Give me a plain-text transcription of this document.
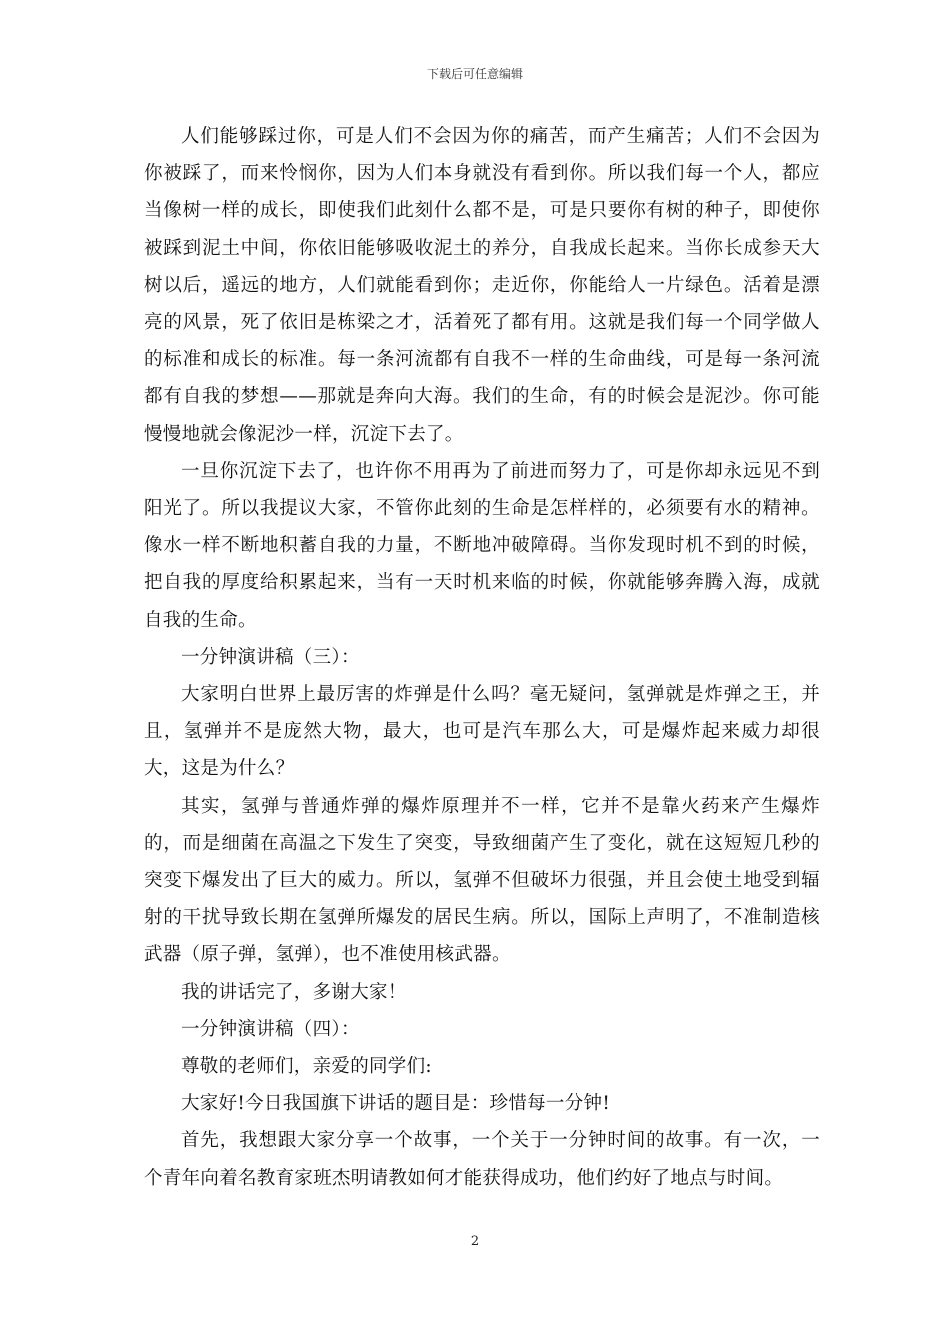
下载后可任意编辑

人们能够踩过你，可是人们不会因为你的痛苦，而产生痛苦；人们不会因为你被踩了，而来怜悯你，因为人们本身就没有看到你。所以我们每一个人，都应当像树一样的成长，即使我们此刻什么都不是，可是只要你有树的种子，即使你被踩到泥土中间，你依旧能够吸收泥土的养分，自我成长起来。当你长成参天大树以后，遥远的地方，人们就能看到你；走近你，你能给人一片绿色。活着是漂亮的风景，死了依旧是栋梁之才，活着死了都有用。这就是我们每一个同学做人的标准和成长的标准。每一条河流都有自我不一样的生命曲线，可是每一条河流都有自我的梦想——那就是奔向大海。我们的生命，有的时候会是泥沙。你可能慢慢地就会像泥沙一样，沉淀下去了。

一旦你沉淀下去了，也许你不用再为了前进而努力了，可是你却永远见不到阳光了。所以我提议大家，不管你此刻的生命是怎样样的，必须要有水的精神。像水一样不断地积蓄自我的力量，不断地冲破障碍。当你发现时机不到的时候，把自我的厚度给积累起来，当有一天时机来临的时候，你就能够奔腾入海，成就自我的生命。

一分钟演讲稿（三）：

大家明白世界上最厉害的炸弹是什么吗？毫无疑问，氢弹就是炸弹之王，并且，氢弹并不是庞然大物，最大，也可是汽车那么大，可是爆炸起来威力却很大，这是为什么？

其实，氢弹与普通炸弹的爆炸原理并不一样，它并不是靠火药来产生爆炸的，而是细菌在高温之下发生了突变，导致细菌产生了变化，就在这短短几秒的突变下爆发出了巨大的威力。所以，氢弹不但破坏力很强，并且会使土地受到辐射的干扰导致长期在氢弹所爆发的居民生病。所以，国际上声明了，不准制造核武器（原子弹，氢弹），也不准使用核武器。

我的讲话完了，多谢大家！

一分钟演讲稿（四）：

尊敬的老师们，亲爱的同学们:

大家好!今日我国旗下讲话的题目是：珍惜每一分钟!

首先，我想跟大家分享一个故事，一个关于一分钟时间的故事。有一次，一个青年向着名教育家班杰明请教如何才能获得成功，他们约好了地点与时间。

2
